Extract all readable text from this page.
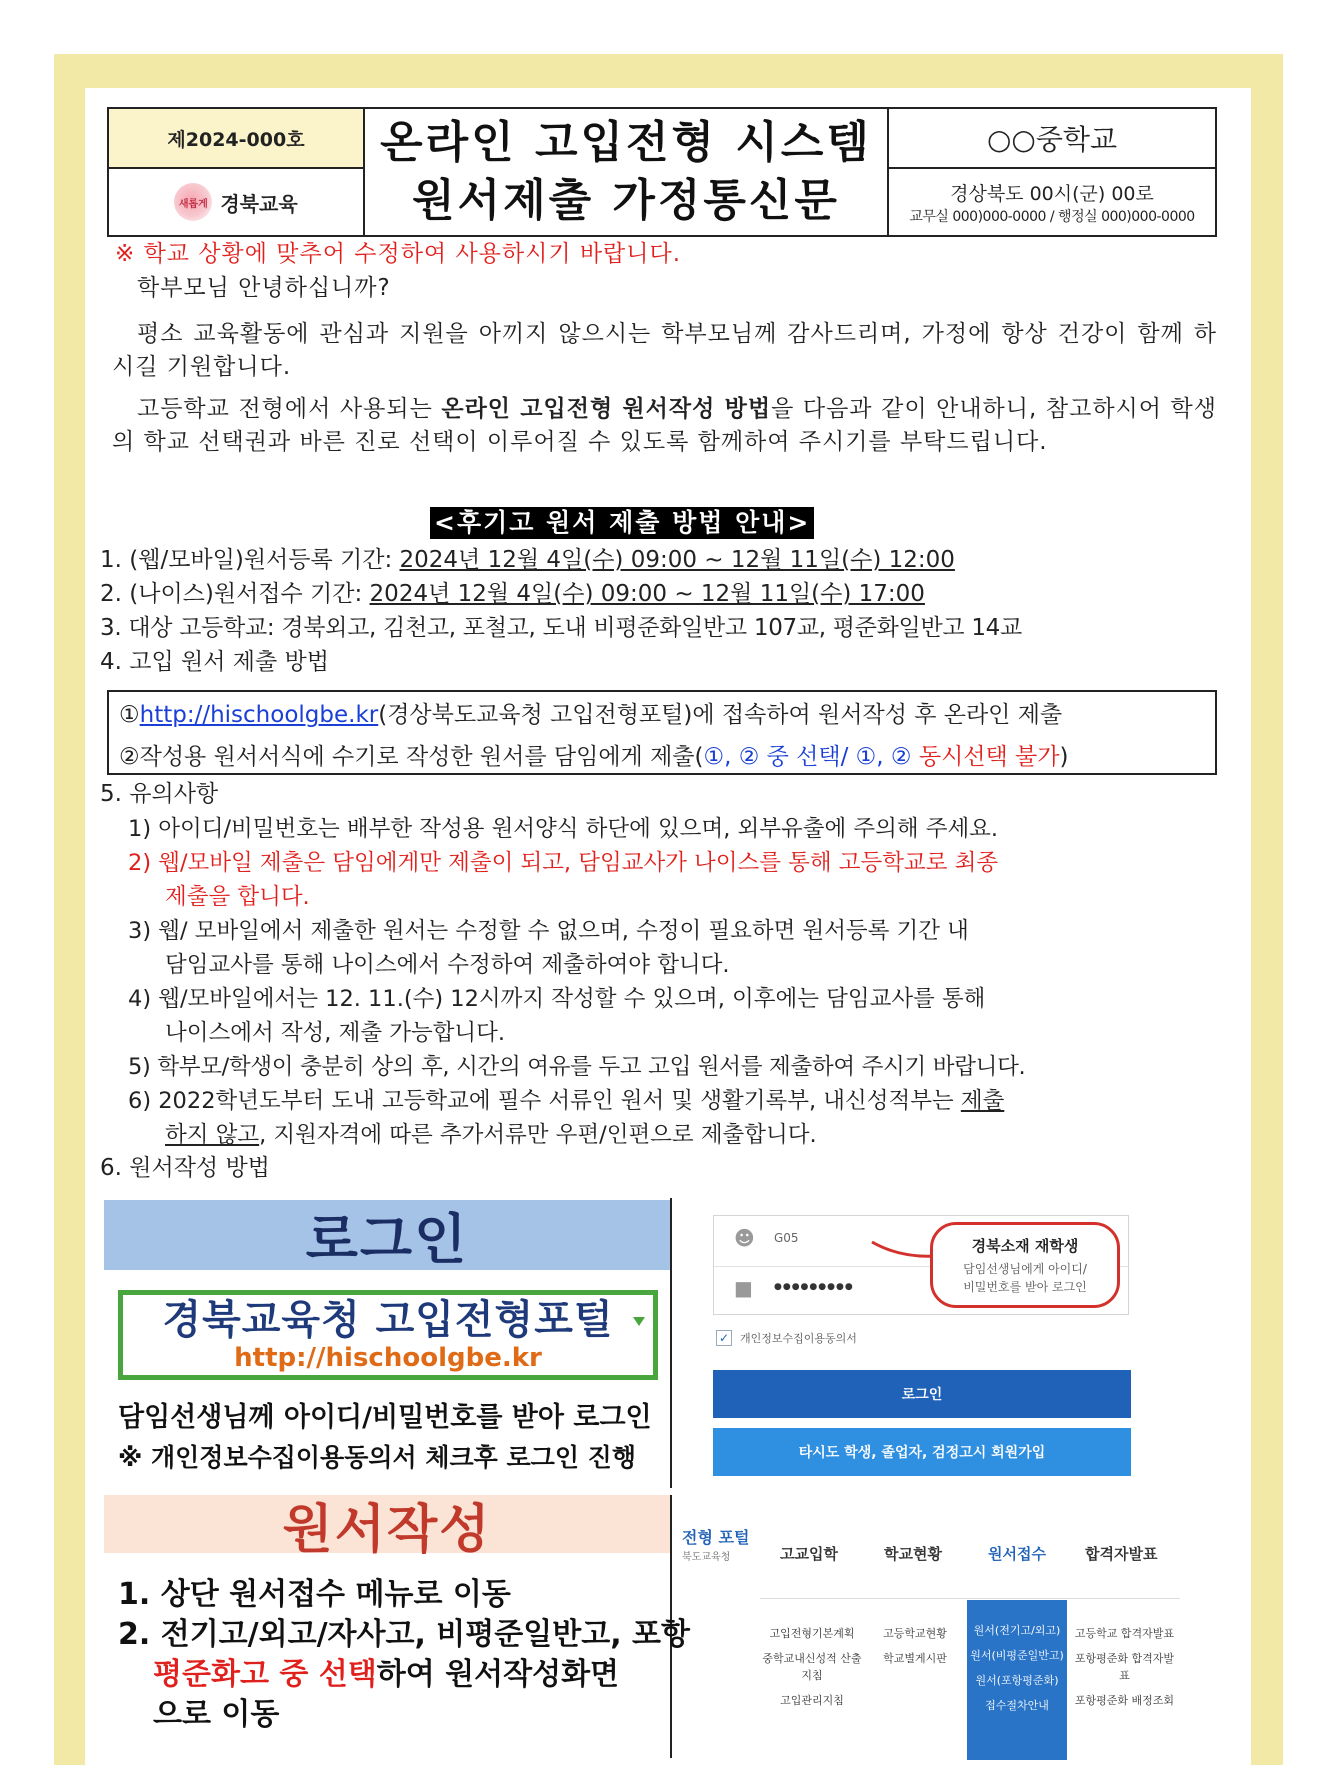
제2024-000호
새롭게 경북교육
온라인 고입전형 시스템
원서제출 가정통신문
○○중학교
경상북도 00시(군) 00로
교무실 000)000-0000 / 행정실 000)000-0000
※ 학교 상황에 맞추어 수정하여 사용하시기 바랍니다.
학부모님 안녕하십니까?
평소 교육활동에 관심과 지원을 아끼지 않으시는 학부모님께 감사드리며, 가정에 항상 건강이 함께 하시길 기원합니다.
고등학교 전형에서 사용되는 온라인 고입전형 원서작성 방법을 다음과 같이 안내하니, 참고하시어 학생의 학교 선택권과 바른 진로 선택이 이루어질 수 있도록 함께하여 주시기를 부탁드립니다.
<후기고 원서 제출 방법 안내>
1. (웹/모바일)원서등록 기간: 2024년 12월 4일(수) 09:00 ~ 12월 11일(수) 12:00
2. (나이스)원서접수 기간: 2024년 12월 4일(수) 09:00 ~ 12월 11일(수) 17:00
3. 대상 고등학교: 경북외고, 김천고, 포철고, 도내 비평준화일반고 107교, 평준화일반고 14교
4. 고입 원서 제출 방법
①http://hischoolgbe.kr(경상북도교육청 고입전형포털)에 접속하여 원서작성 후 온라인 제출
②작성용 원서서식에 수기로 작성한 원서를 담임에게 제출(①, ② 중 선택/ ①, ② 동시선택 불가)
5. 유의사항
1) 아이디/비밀번호는 배부한 작성용 원서양식 하단에 있으며, 외부유출에 주의해 주세요.
2) 웹/모바일 제출은 담임에게만 제출이 되고, 담임교사가 나이스를 통해 고등학교로 최종
제출을 합니다.
3) 웹/ 모바일에서 제출한 원서는 수정할 수 없으며, 수정이 필요하면 원서등록 기간 내
담임교사를 통해 나이스에서 수정하여 제출하여야 합니다.
4) 웹/모바일에서는 12. 11.(수) 12시까지 작성할 수 있으며, 이후에는 담임교사를 통해
나이스에서 작성, 제출 가능합니다.
5) 학부모/학생이 충분히 상의 후, 시간의 여유를 두고 고입 원서를 제출하여 주시기 바랍니다.
6) 2022학년도부터 도내 고등학교에 필수 서류인 원서 및 생활기록부, 내신성적부는 제출
하지 않고, 지원자격에 따른 추가서류만 우편/인편으로 제출합니다.
6. 원서작성 방법
로그인
경북교육청 고입전형포털
http://hischoolgbe.kr
담임선생님께 아이디/비밀번호를 받아 로그인
※ 개인정보수집이용동의서 체크후 로그인 진행
원서작성
1. 상단 원서접수 메뉴로 이동
2. 전기고/외고/자사고, 비평준일반고, 포항
평준화고 중 선택하여 원서작성화면
으로 이동
☻ G05
■ ●●●●●●●●●
경북소재 재학생
담임선생님에게 아이디/
비밀번호를 받아 로그인
✓ 개인정보수집이용동의서
로그인
타시도 학생, 졸업자, 검정고시 회원가입
전형 포털
북도교육청	고교입학	학교현황	원서접수	합격자발표
고입전형기본계획
중학교내신성적 산출지침
고입관리지침
고등학교현황
학교별게시판
원서(전기고/외고)
원서(비평준일반고)
원서(포항평준화)
접수절차안내
고등학교 합격자발표
포항평준화 합격자발표
포항평준화 배정조회
